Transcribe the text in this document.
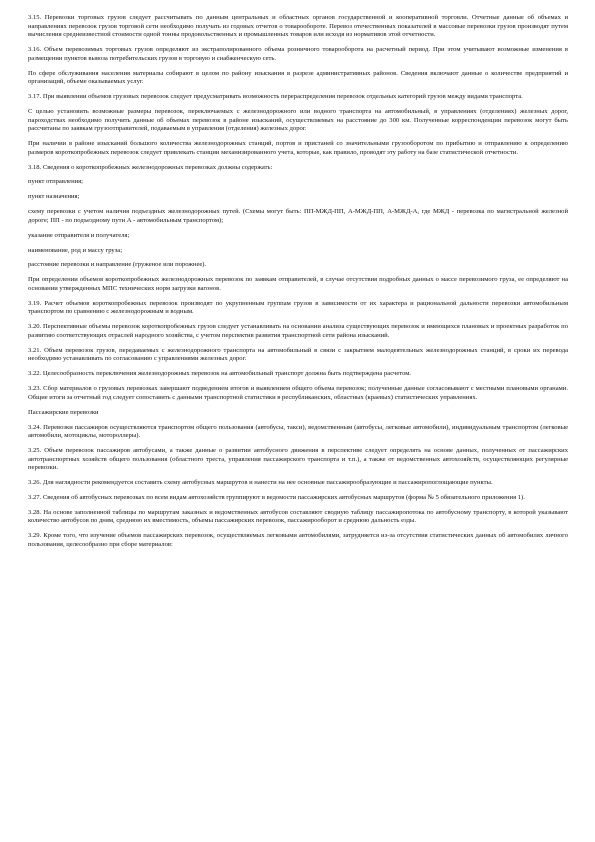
3.15. Перевозки торговых грузов следует рассчитывать по данным центральных и областных органов государственной и кооперативной торговли. Отчетные данные об объемах и направлениях перевозок грузов торговой сети необходимо получать из годовых отчетов о товарообороте. Перевоз отечественных показателей в массовые перевозки грузов производят путем вычисления среднеизвестной стоимости одной тонны продовольственных и промышленных товаров или исходя из нормативов этой отчетности.

3.16. Объем перевозимых торговых грузов определяют из экстраполированного объема розничного товарооборота на расчетный период. При этом учитывают возможные изменения в размещении пунктов вывоза потребительских грузов в торговую и снабженческую сеть.

По сфере обслуживания населения материалы собирают в целом по району изыскания в разрезе административных районов. Сведения включают данные о количестве предприятий и организаций, объеме оказываемых услуг.

3.17. При выявлении объемов грузовых перевозок следует предусматривать возможность перераспределения перевозок отдельных категорий грузов между видами транспорта.

С целью установить возможные размеры перевозок, переключаемых с железнодорожного или водного транспорта на автомобильный, в управлениях (отделениях) железных дорог, пароходствах необходимо получить данные об объемах перевозок в районе изысканий, осуществляемых на расстояние до 300 км. Полученные корреспонденции перевозок могут быть рассчитаны по заявкам грузоотправителей, подаваемым в управления (отделения) железных дорог.

При наличии в районе изысканий большого количества железнодорожных станций, портов и пристаней со значительными грузооборотом по прибытию и отправлению к определению размеров короткопробежных перевозок следует привлекать станции механизированного учета, которые, как правило, проводят эту работу на базе статистической отчетности.

3.18. Сведения о короткопробежных железнодорожных перевозках должны содержать:

пункт отправления;

пункт назначения;

схему перевозки с учетом наличия подъездных железнодорожных путей. (Схемы могут быть: ПП-МЖД-ПП, А-МЖД-ПП, А-МЖД-А, где МЖД - перевозка по магистральной железной дороге; ПП - по подъездному пути А - автомобильным транспортом);

указание отправителя и получателя;

наименование, род и массу груза;

расстояние перевозки и направление (груженое или порожнее).

При определении объемов короткопробежных железнодорожных перевозок по заявкам отправителей, в случае отсутствия подробных данных о массе перевозимого груза, ее определяют на основании утвержденных МПС технических норм загрузки вагонов.

3.19. Расчет объемов короткопробежных перевозок производят по укрупненным группам грузов в зависимости от их характера и рациональной дальности перевозки автомобильным транспортом по сравнению с железнодорожным и водным.

3.20. Перспективные объемы перевозок короткопробежных грузов следует устанавливать на основании анализа существующих перевозок и имеющихся плановых и проектных разработок по развитию соответствующих отраслей народного хозяйства, с учетом перспектив развития транспортной сети района изысканий.

3.21. Объем перевозок грузов, передаваемых с железнодорожного транспорта на автомобильный в связи с закрытием малодеятельных железнодорожных станций, в сроки их перевода необходимо устанавливать по согласованию с управлениями железных дорог.

3.22. Целесообразность переключения железнодорожных перевозок на автомобильный транспорт должна быть подтверждена расчетом.

3.23. Сбор материалов о грузовых перевозках завершают подведением итогов и выявлением общего объема перевозок; полученные данные согласовывают с местными плановыми органами. Общие итоги за отчетный год следует сопоставить с данными транспортной статистики в республиканских, областных (краевых) статистических управлениях.

Пассажирские перевозки

3.24. Перевозки пассажиров осуществляются транспортом общего пользования (автобусы, такси), ведомственным (автобусы, легковые автомобили), индивидуальным транспортом (легковые автомобили, мотоциклы, мотороллеры).

3.25. Объем перевозок пассажиров автобусами, а также данные о развитии автобусного движения в перспективе следует определять на основе данных, полученных от пассажирских автотранспортных хозяйств общего пользования (областного треста, управления пассажирского транспорта и т.п.), а также от ведомственных автохозяйств, осуществляющих регулярные перевозки.

3.26. Для наглядности рекомендуется составить схему автобусных маршрутов и нанести на нее основные пассажирообразующие и пассажиропоглощающие пункты.

3.27. Сведения об автобусных перевозках по всем видам автохозяйств группируют в ведомости пассажирских автобусных маршрутов (форма № 5 обязательного приложения 1).

3.28. На основе заполненной таблицы по маршрутам заказных и ведомственных автобусов составляют сводную таблицу пассажиропотока по автобусному транспорту, в которой указывают количество автобусов по дням, среднюю их вместимость, объемы пассажирских перевозок, пассажирооборот и среднюю дальность езды.

3.29. Кроме того, что изучение объемов пассажирских перевозок, осуществляемых легковыми автомобилями, затрудняется из-за отсутствия статистических данных об автомобилях личного пользования, целесообразно при сборе материалов:
